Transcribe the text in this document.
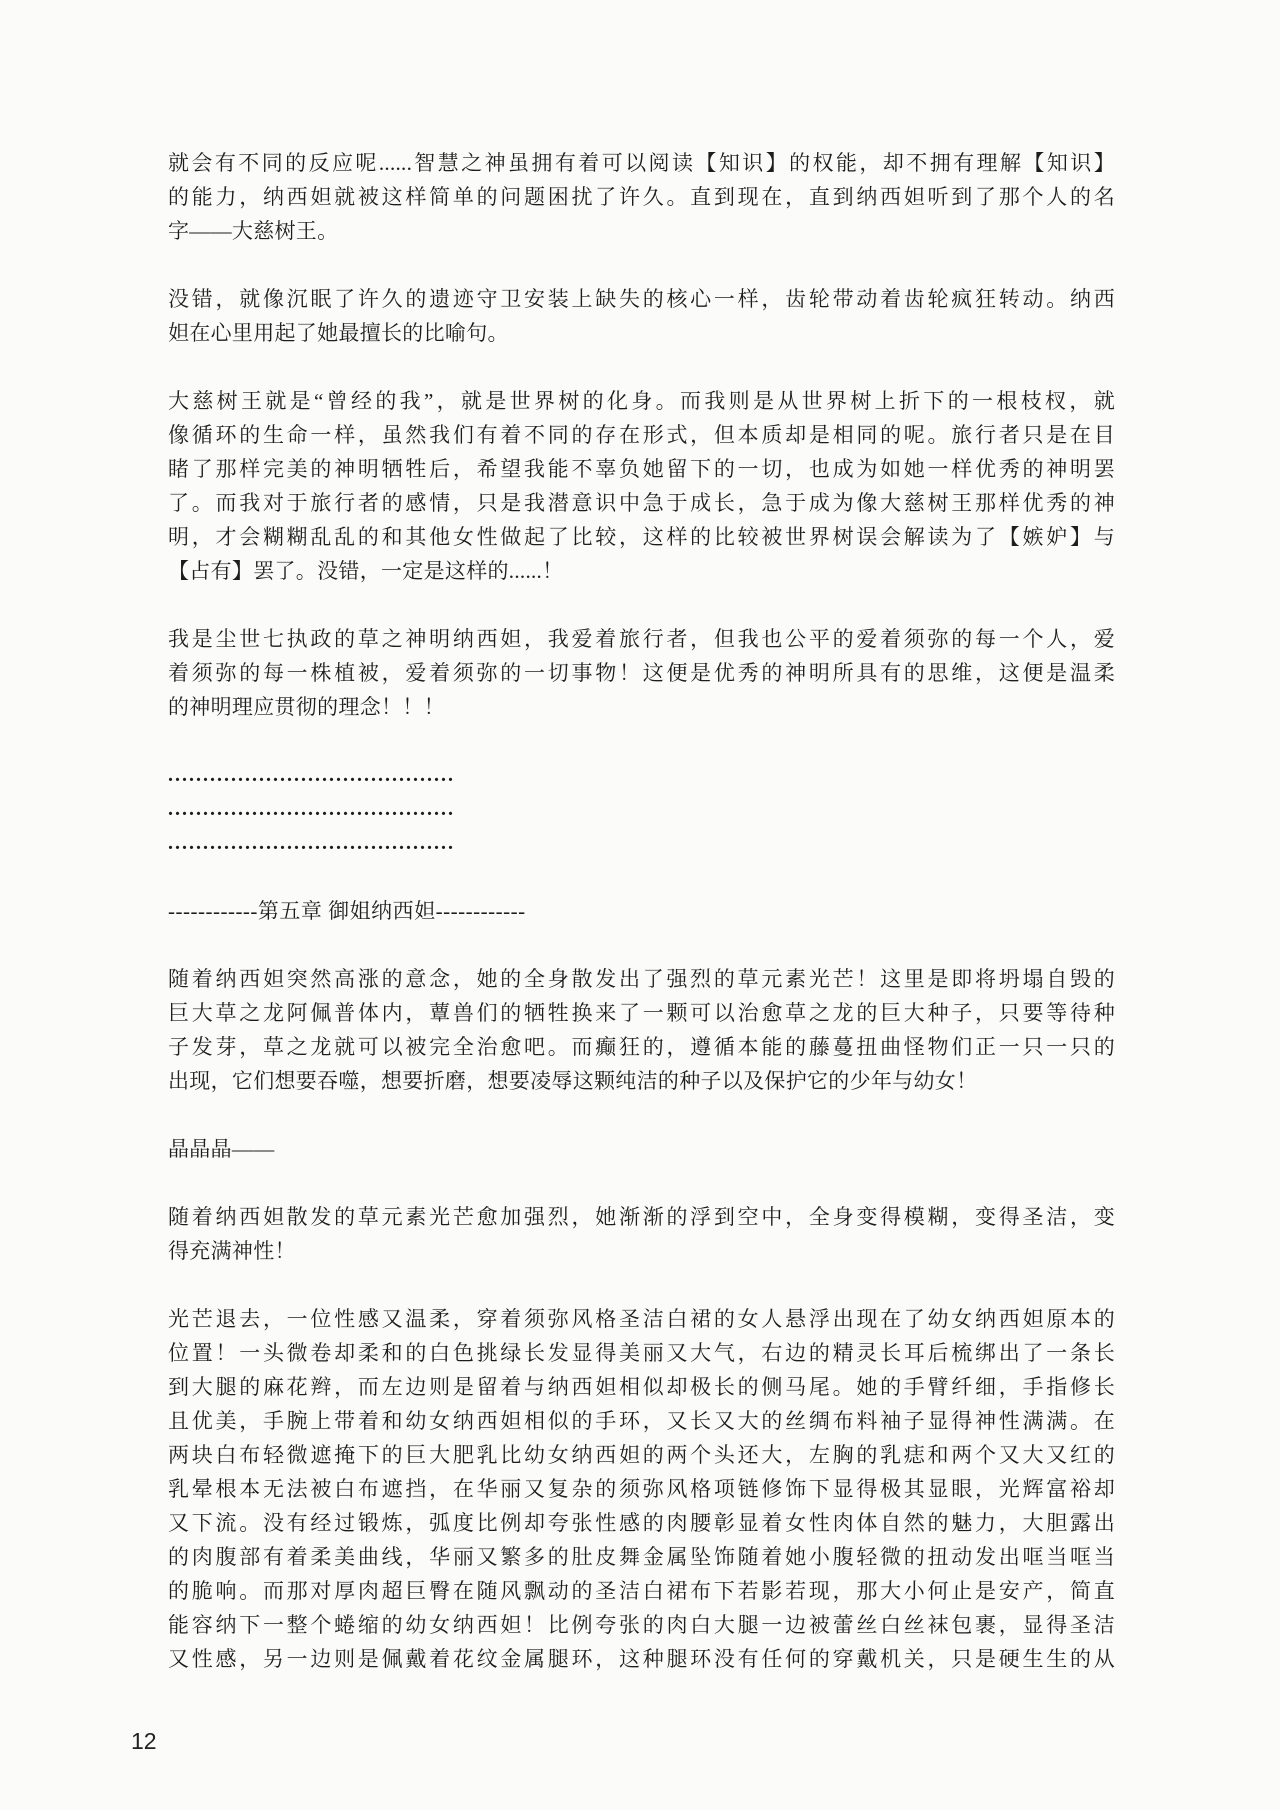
就会有不同的反应呢......智慧之神虽拥有着可以阅读【知识】的权能，却不拥有理解【知识】
的能力，纳西妲就被这样简单的问题困扰了许久。直到现在，直到纳西妲听到了那个人的名
字——大慈树王。
没错，就像沉眠了许久的遗迹守卫安装上缺失的核心一样，齿轮带动着齿轮疯狂转动。纳西
妲在心里用起了她最擅长的比喻句。
大慈树王就是“曾经的我”，就是世界树的化身。而我则是从世界树上折下的一根枝杈，就
像循环的生命一样，虽然我们有着不同的存在形式，但本质却是相同的呢。旅行者只是在目
睹了那样完美的神明牺牲后，希望我能不辜负她留下的一切，也成为如她一样优秀的神明罢
了。而我对于旅行者的感情，只是我潜意识中急于成长，急于成为像大慈树王那样优秀的神
明，才会糊糊乱乱的和其他女性做起了比较，这样的比较被世界树误会解读为了【嫉妒】与
【占有】罢了。没错，一定是这样的......！
我是尘世七执政的草之神明纳西妲，我爱着旅行者，但我也公平的爱着须弥的每一个人，爱
着须弥的每一株植被，爱着须弥的一切事物！这便是优秀的神明所具有的思维，这便是温柔
的神明理应贯彻的理念！！！
.........................................
.........................................
.........................................
------------第五章 御姐纳西妲------------
随着纳西妲突然高涨的意念，她的全身散发出了强烈的草元素光芒！这里是即将坍塌自毁的
巨大草之龙阿佩普体内，蕈兽们的牺牲换来了一颗可以治愈草之龙的巨大种子，只要等待种
子发芽，草之龙就可以被完全治愈吧。而癫狂的，遵循本能的藤蔓扭曲怪物们正一只一只的
出现，它们想要吞噬，想要折磨，想要凌辱这颗纯洁的种子以及保护它的少年与幼女！
晶晶晶——
随着纳西妲散发的草元素光芒愈加强烈，她渐渐的浮到空中，全身变得模糊，变得圣洁，变
得充满神性！
光芒退去，一位性感又温柔，穿着须弥风格圣洁白裙的女人悬浮出现在了幼女纳西妲原本的
位置！一头微卷却柔和的白色挑绿长发显得美丽又大气，右边的精灵长耳后梳绑出了一条长
到大腿的麻花辫，而左边则是留着与纳西妲相似却极长的侧马尾。她的手臂纤细，手指修长
且优美，手腕上带着和幼女纳西妲相似的手环，又长又大的丝绸布料袖子显得神性满满。在
两块白布轻微遮掩下的巨大肥乳比幼女纳西妲的两个头还大，左胸的乳痣和两个又大又红的
乳晕根本无法被白布遮挡，在华丽又复杂的须弥风格项链修饰下显得极其显眼，光辉富裕却
又下流。没有经过锻炼，弧度比例却夸张性感的肉腰彰显着女性肉体自然的魅力，大胆露出
的肉腹部有着柔美曲线，华丽又繁多的肚皮舞金属坠饰随着她小腹轻微的扭动发出哐当哐当
的脆响。而那对厚肉超巨臀在随风飘动的圣洁白裙布下若影若现，那大小何止是安产，简直
能容纳下一整个蜷缩的幼女纳西妲！比例夸张的肉白大腿一边被蕾丝白丝袜包裹，显得圣洁
又性感，另一边则是佩戴着花纹金属腿环，这种腿环没有任何的穿戴机关，只是硬生生的从
12
